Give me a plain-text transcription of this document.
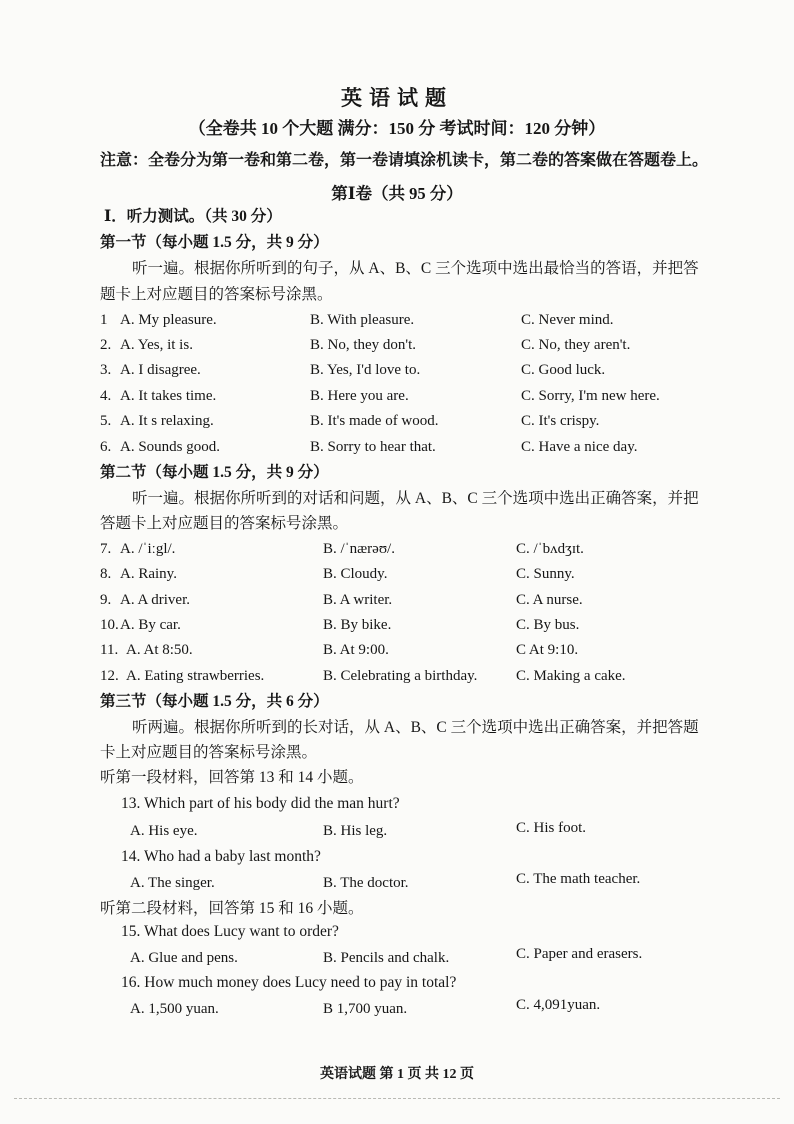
英语试题
（全卷共 10 个大题 满分：150 分 考试时间：120 分钟）
注意：全卷分为第一卷和第二卷，第一卷请填涂机读卡，第二卷的答案做在答题卷上。
第Ⅰ卷（共 95 分）
Ⅰ．听力测试。（共 30 分）
第一节（每小题 1.5 分，共 9 分）
听一遍。根据你所听到的句子，从 A、B、C 三个选项中选出最恰当的答语，并把答
题卡上对应题目的答案标号涂黑。
1 A. My pleasure.	B. With pleasure.	C. Never mind.
2. A. Yes, it is.	B. No, they don't.	C. No, they aren't.
3. A. I disagree.	B. Yes, I'd love to.	C. Good luck.
4. A. It takes time.	B. Here you are.	C. Sorry, I'm new here.
5. A. It s relaxing.	B. It's made of wood.	C. It's crispy.
6. A. Sounds good.	B. Sorry to hear that.	C. Have a nice day.
第二节（每小题 1.5 分，共 9 分）
听一遍。根据你所听到的对话和问题，从 A、B、C 三个选项中选出正确答案，并把
答题卡上对应题目的答案标号涂黑。
7. A. /ˈiːgl/.	B. /ˈnærəʊ/.	C. /ˈbʌdʒɪt.
8. A. Rainy.	B. Cloudy.	C. Sunny.
9. A. A driver.	B. A writer.	C. A nurse.
10. A. By car.	B. By bike.	C. By bus.
11. A. At 8:50.	B. At 9:00.	C At 9:10.
12. A. Eating strawberries.	B. Celebrating a birthday.	C. Making a cake.
第三节（每小题 1.5 分，共 6 分）
听两遍。根据你所听到的长对话，从 A、B、C 三个选项中选出正确答案，并把答题
卡上对应题目的答案标号涂黑。
听第一段材料，回答第 13 和 14 小题。
13. Which part of his body did the man hurt?
A. His eye.	B. His leg.	C. His foot.
14. Who had a baby last month?
A. The singer.	B. The doctor.	C. The math teacher.
听第二段材料，回答第 15 和 16 小题。
15. What does Lucy want to order?
A. Glue and pens.	B. Pencils and chalk.	C. Paper and erasers.
16. How much money does Lucy need to pay in total?
A. 1,500 yuan.	B 1,700 yuan.	C. 4,091yuan.
英语试题 第 1 页 共 12 页
